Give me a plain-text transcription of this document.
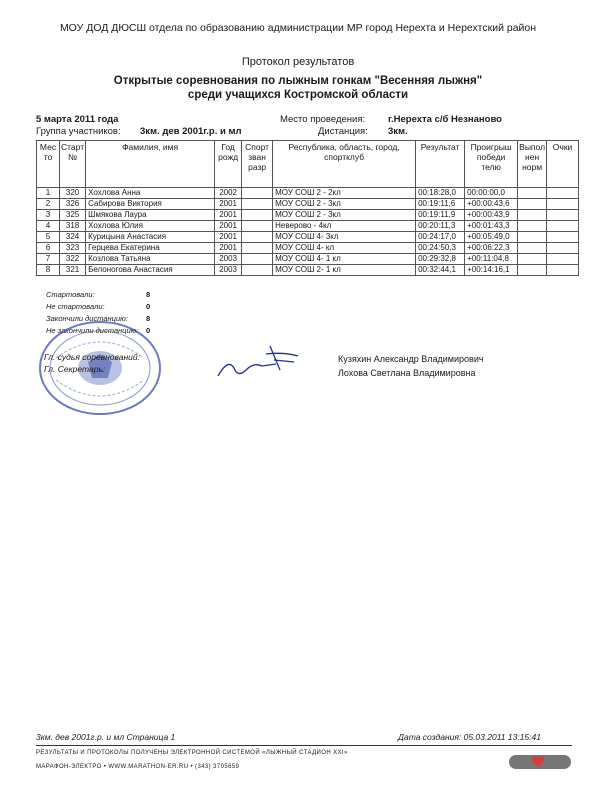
МОУ ДОД ДЮСШ отдела по образованию администрации МР город Нерехта и Нерехтский район
Протокол результатов
Открытые соревнования по лыжным гонкам "Весенняя лыжня"
среди учащихся Костромской области
5 марта 2011 года
Группа участников: 3км. дев 2001г.р. и мл
Место проведения: г.Нерехта с/б Незнаново
Дистанция: 3км.
Мес то	Старт №	Фамилия, имя	Год рожд	Спорт зван разр	Республика, область, город, спортклуб	Результат	Проигрыш победи телю	Выпол нен норм	Очки
1	320	Хохлова Анна	2002		МОУ СОШ 2 - 2кл	00:18:28,0	00:00:00,0		
2	326	Сабирова Виктория	2001		МОУ СОШ 2 - 3кл	00:19:11,6	+00:00:43,6		
3	325	Шмякова Лаура	2001		МОУ СОШ 2 - 3кл	00:19:11,9	+00:00:43,9		
4	318	Хохлова Юлия	2001		Неверово - 4кл	00:20:11,3	+00:01:43,3		
5	324	Курицына Анастасия	2001		МОУ СОШ 4- 3кл	00:24:17,0	+00:05:49,0		
6	323	Герцева Екатерина	2001		МОУ СОШ 4- кл	00:24:50,3	+00:06:22,3		
7	322	Козлова Татьяна	2003		МОУ СОШ 4- 1 кл	00:29:32,8	+00:11:04,8		
8	321	Белоногова Анастасия	2003		МОУ СОШ 2- 1 кл	00:32:44,1	+00:14:16,1		
Стартовали:	8
Не стартовали:	0
Закончили дистанцию: 8
Не закончили дистанцию: 0
Гл. судья соревнований:
Гл. Секретарь:
Кузяхин Александр Владимирович
Лохова Светлана Владимировна
3км. дев 2001г.р. и мл Страница 1	Дата создания: 05.03.2011 13:15:41
РЕЗУЛЬТАТЫ И ПРОТОКОЛЫ ПОЛУЧЕНЫ ЭЛЕКТРОННОЙ СИСТЕМОЙ «ЛЫЖНЫЙ СТАДИОН XXI»
МАРАФОН-ЭЛЕКТРО • WWW.MARATHON-ER.RU • (343) 3705659
